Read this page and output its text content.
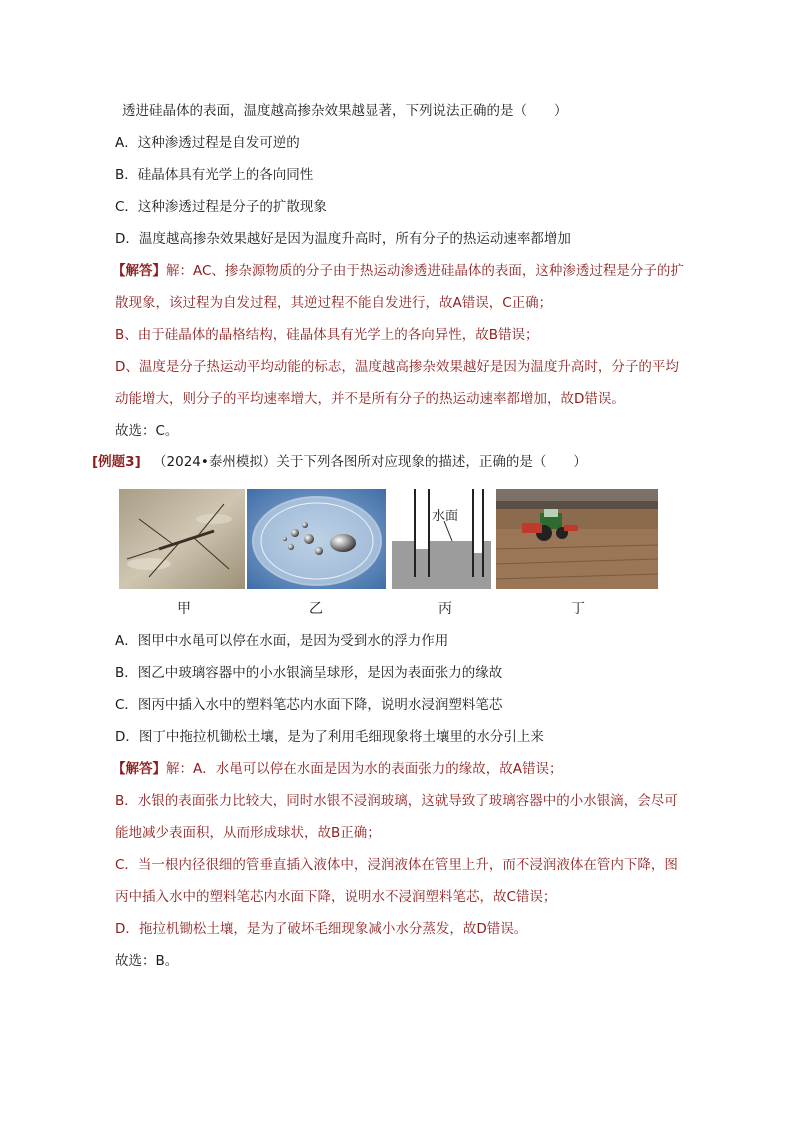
透进硅晶体的表面，温度越高掺杂效果越显著，下列说法正确的是（　　）
A．这种渗透过程是自发可逆的
B．硅晶体具有光学上的各向同性
C．这种渗透过程是分子的扩散现象
D．温度越高掺杂效果越好是因为温度升高时，所有分子的热运动速率都增加
【解答】解：AC、掺杂源物质的分子由于热运动渗透进硅晶体的表面，这种渗透过程是分子的扩
散现象，该过程为自发过程，其逆过程不能自发进行，故A错误，C正确；
B、由于硅晶体的晶格结构，硅晶体具有光学上的各向异性，故B错误；
D、温度是分子热运动平均动能的标志，温度越高掺杂效果越好是因为温度升高时，分子的平均
动能增大，则分子的平均速率增大，并不是所有分子的热运动速率都增加，故D错误。
故选：C。
[例题3] （2024•泰州模拟）关于下列各图所对应现象的描述，正确的是（　　）
水面
甲	乙	丙	丁
A．图甲中水黾可以停在水面，是因为受到水的浮力作用
B．图乙中玻璃容器中的小水银滴呈球形，是因为表面张力的缘故
C．图丙中插入水中的塑料笔芯内水面下降，说明水浸润塑料笔芯
D．图丁中拖拉机锄松土壤，是为了利用毛细现象将土壤里的水分引上来
【解答】解：A．水黾可以停在水面是因为水的表面张力的缘故，故A错误；
B．水银的表面张力比较大，同时水银不浸润玻璃，这就导致了玻璃容器中的小水银滴，会尽可
能地减少表面积，从而形成球状，故B正确；
C．当一根内径很细的管垂直插入液体中，浸润液体在管里上升，而不浸润液体在管内下降，图
丙中插入水中的塑料笔芯内水面下降，说明水不浸润塑料笔芯，故C错误；
D．拖拉机锄松土壤，是为了破坏毛细现象减小水分蒸发，故D错误。
故选：B。
